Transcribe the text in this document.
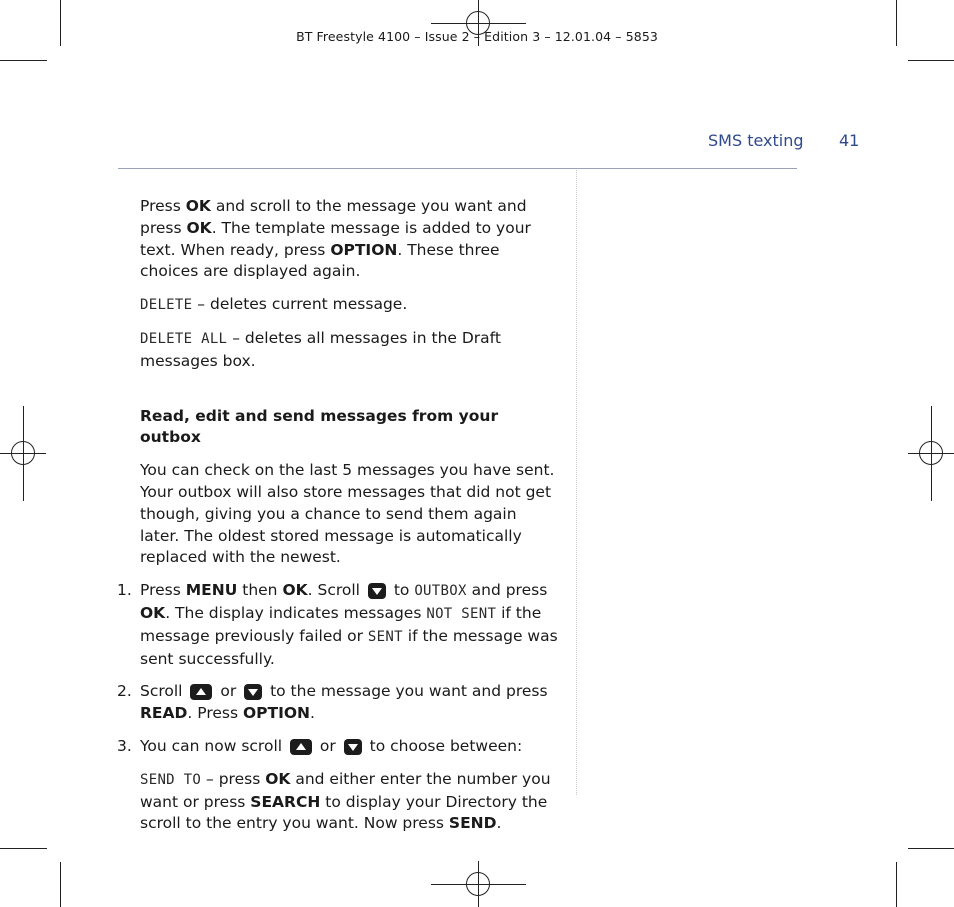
BT Freestyle 4100 – Issue 2 – Edition 3 – 12.01.04 – 5853
SMS texting 41

Press OK and scroll to the message you want and press OK. The template message is added to your text. When ready, press OPTION. These three choices are displayed again.

DELETE – deletes current message.

DELETE ALL – deletes all messages in the Draft messages box.

Read, edit and send messages from your outbox

You can check on the last 5 messages you have sent. Your outbox will also store messages that did not get though, giving you a chance to send them again later. The oldest stored message is automatically replaced with the newest.

1. Press MENU then OK. Scroll
to OUTBOX and press OK. The display indicates messages NOT SENT if the message previously failed or SENT if the message was sent successfully.
2. Scroll
or
to the message you want and press READ. Press OPTION.
3. You can now scroll
or
to choose between:

SEND TO – press OK and either enter the number you want or press SEARCH to display your Directory the scroll to the entry you want. Now press SEND.
